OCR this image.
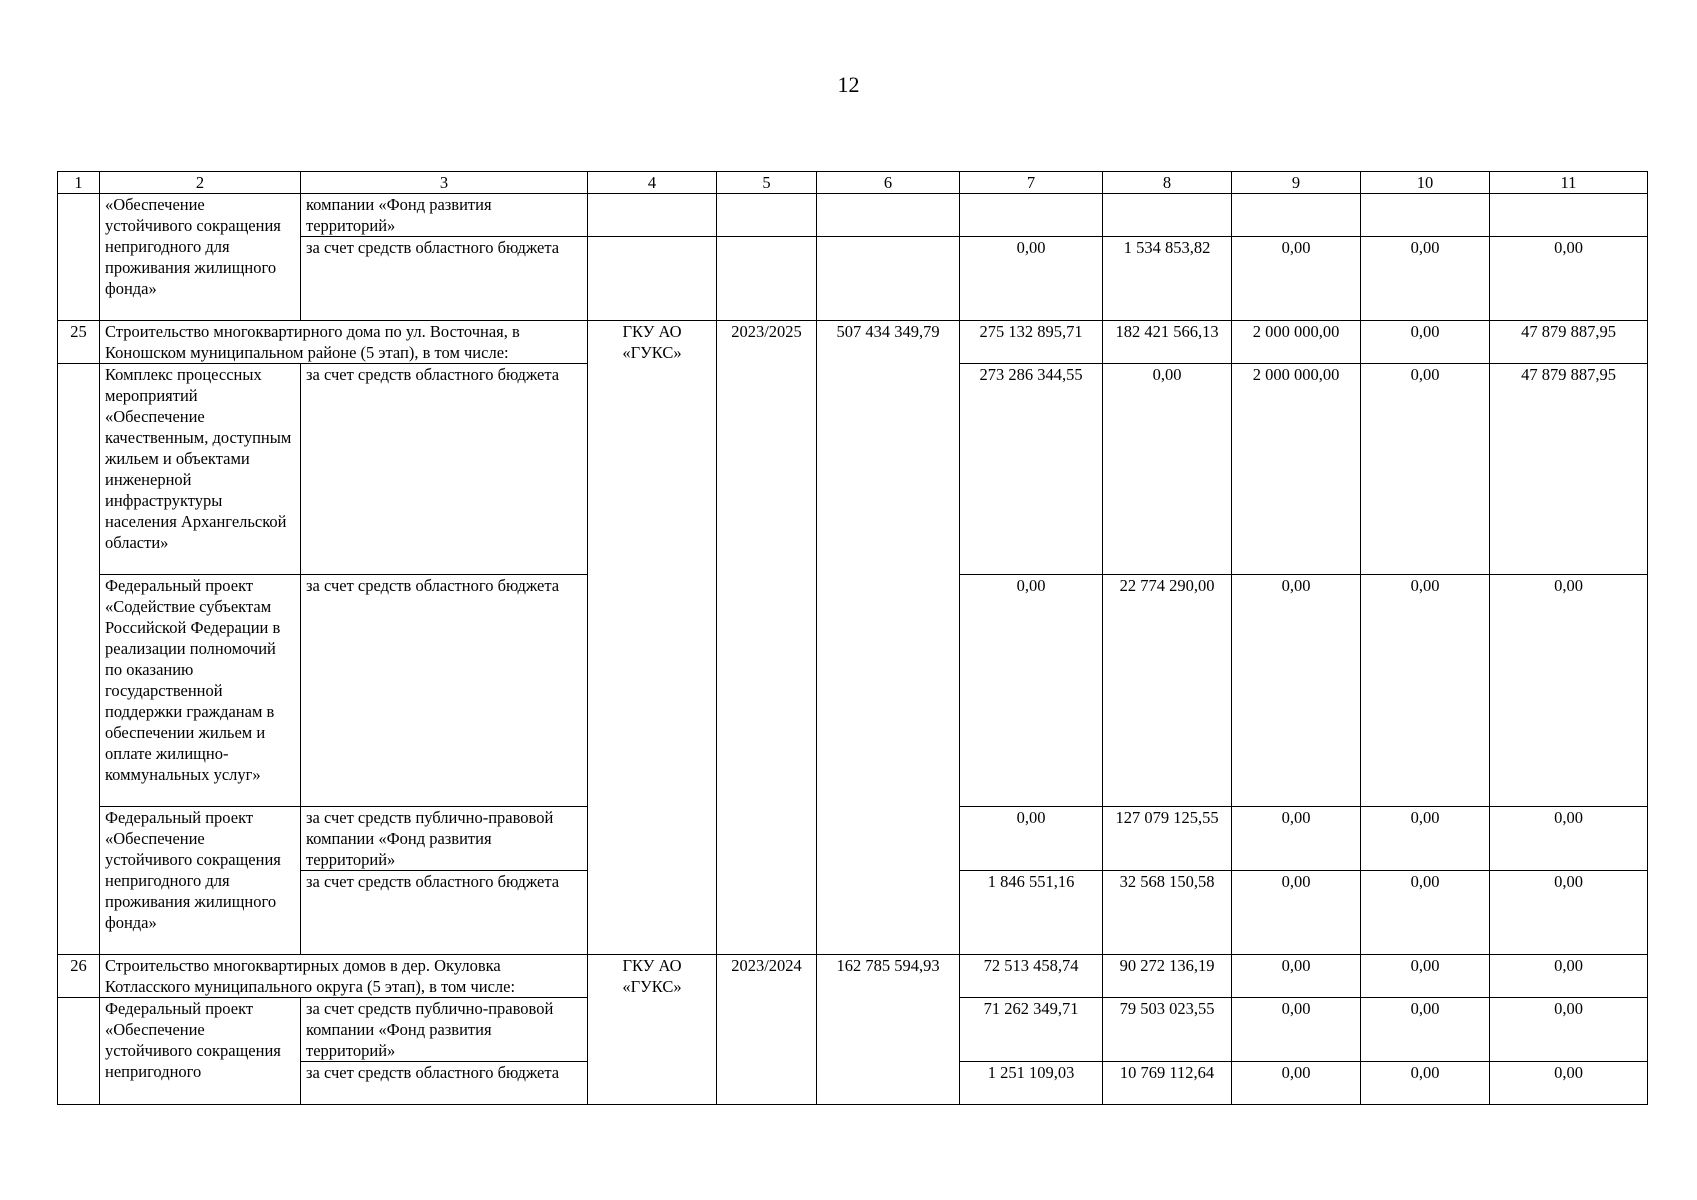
12
1	2	3	4	5	6	7	8	9	10	11
	«Обеспечение устойчивого сокращения непригодного для проживания жилищного фонда»	компании «Фонд развития территорий»								
		за счет средств областного бюджета				0,00	1 534 853,82	0,00	0,00	0,00
25	Строительство многоквартирного дома по ул. Восточная, в Коношском муниципальном районе (5 этап), в том числе:		ГКУ АО «ГУКС»	2023/2025	507 434 349,79	275 132 895,71	182 421 566,13	2 000 000,00	0,00	47 879 887,95
	Комплекс процессных мероприятий «Обеспечение качественным, доступным жильем и объектами инженерной инфраструктуры населения Архангельской области»	за счет средств областного бюджета				273 286 344,55	0,00	2 000 000,00	0,00	47 879 887,95
	Федеральный проект «Содействие субъектам Российской Федерации в реализации полномочий по оказанию государственной поддержки гражданам в обеспечении жильем и оплате жилищно-коммунальных услуг»	за счет средств областного бюджета				0,00	22 774 290,00	0,00	0,00	0,00
	Федеральный проект «Обеспечение устойчивого сокращения непригодного для проживания жилищного фонда»	за счет средств публично-правовой компании «Фонд развития территорий»				0,00	127 079 125,55	0,00	0,00	0,00
		за счет средств областного бюджета				1 846 551,16	32 568 150,58	0,00	0,00	0,00

26	Строительство многоквартирных домов в дер. Окуловка Котласского муниципального округа (5 этап), в том числе:		ГКУ АО «ГУКС»	2023/2024	162 785 594,93	72 513 458,74	90 272 136,19	0,00	0,00	0,00
	Федеральный проект «Обеспечение устойчивого сокращения непригодного	за счет средств публично-правовой компании «Фонд развития территорий»				71 262 349,71	79 503 023,55	0,00	0,00	0,00
		за счет средств областного бюджета				1 251 109,03	10 769 112,64	0,00	0,00	0,00
